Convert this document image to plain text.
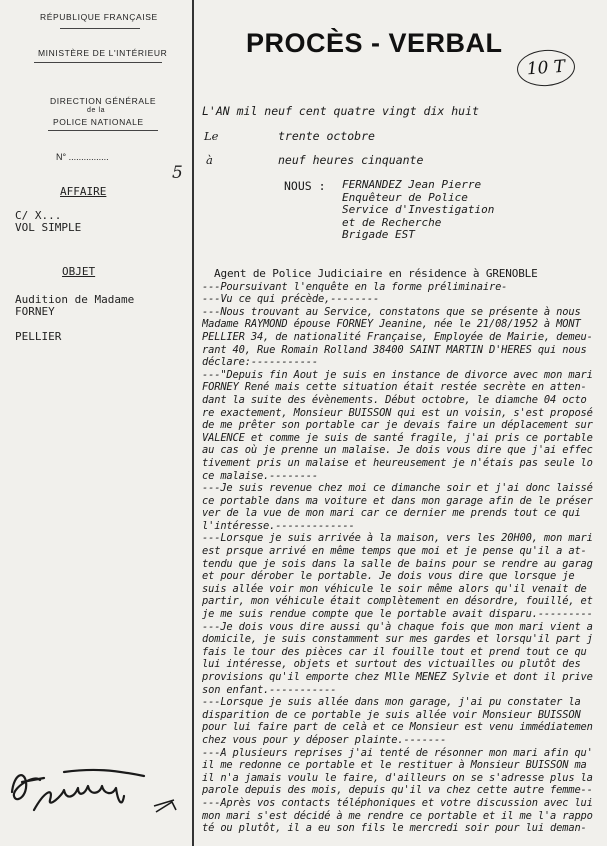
RÉPUBLIQUE FRANÇAISE
MINISTÈRE DE L'INTÉRIEUR
DIRECTION GÉNÉRALE
de la
POLICE NATIONALE
N° ................
5
AFFAIRE
C/ X...
VOL SIMPLE
OBJET
Audition de Madame
FORNEY
PELLIER
PROCÈS - VERBAL
10 T
L'AN mil neuf cent quatre vingt dix huit
Le	trente octobre
à	neuf heures cinquante
NOUS : FERNANDEZ Jean Pierre
Enquêteur de Police
Service d'Investigation
et de Recherche
Brigade EST
Agent de Police Judiciaire en résidence à GRENOBLE
---Poursuivant l'enquête en la forme préliminaire-
---Vu ce qui précède,--------
---Nous trouvant au Service, constatons que se présente à nous
Madame RAYMOND épouse FORNEY Jeanine, née le 21/08/1952 à MONT
PELLIER 34, de nationalité Française, Employée de Mairie, demeu-
rant 40, Rue Romain Rolland 38400 SAINT MARTIN D'HERES qui nous
déclare:-----------
---"Depuis fin Aout je suis en instance de divorce avec mon mari
FORNEY René mais cette situation était restée secrète en atten-
dant la suite des évènements. Début octobre, le diamche 04 octo
re exactement, Monsieur BUISSON qui est un voisin, s'est proposé
de me prêter son portable car je devais faire un déplacement sur
VALENCE et comme je suis de santé fragile, j'ai pris ce portable
au cas où je prenne un malaise. Je dois vous dire que j'ai effec
tivement pris un malaise et heureusement je n'étais pas seule lo
ce malaise.--------
---Je suis revenue chez moi ce dimanche soir et j'ai donc laissé
ce portable dans ma voiture et dans mon garage afin de le préser
ver de la vue de mon mari car ce dernier me prends tout ce qui
l'intéresse.-------------
---Lorsque je suis arrivée à la maison, vers les 20H00, mon mari
est prsque arrivé en même temps que moi et je pense qu'il a at-
tendu que je sois dans la salle de bains pour se rendre au garag
et pour dérober le portable. Je dois vous dire que lorsque je
suis allée voir mon véhicule le soir même alors qu'il venait de
partir, mon véhicule était complètement en désordre, fouillé, et
je me suis rendue compte que le portable avait disparu.---------
---Je dois vous dire aussi qu'à chaque fois que mon mari vient a
domicile, je suis constamment sur mes gardes et lorsqu'il part j
fais le tour des pièces car il fouille tout et prend tout ce qu
lui intéresse, objets et surtout des victuailles ou plutôt des
provisions qu'il emporte chez Mlle MENEZ Sylvie et dont il prive
son enfant.-----------
---Lorsque je suis allée dans mon garage, j'ai pu constater la
disparition de ce portable je suis allée voir Monsieur BUISSON
pour lui faire part de celà et ce Monsieur est venu immédiatemen
chez vous pour y déposer plainte.-------
---A plusieurs reprises j'ai tenté de résonner mon mari afin qu'
il me redonne ce portable et le restituer à Monsieur BUISSON ma
il n'a jamais voulu le faire, d'ailleurs on se s'adresse plus la
parole depuis des mois, depuis qu'il va chez cette autre femme--
---Après vos contacts téléphoniques et votre discussion avec lui
mon mari s'est décidé à me rendre ce portable et il me l'a rappo
té ou plutôt, il a eu son fils le mercredi soir pour lui deman-
